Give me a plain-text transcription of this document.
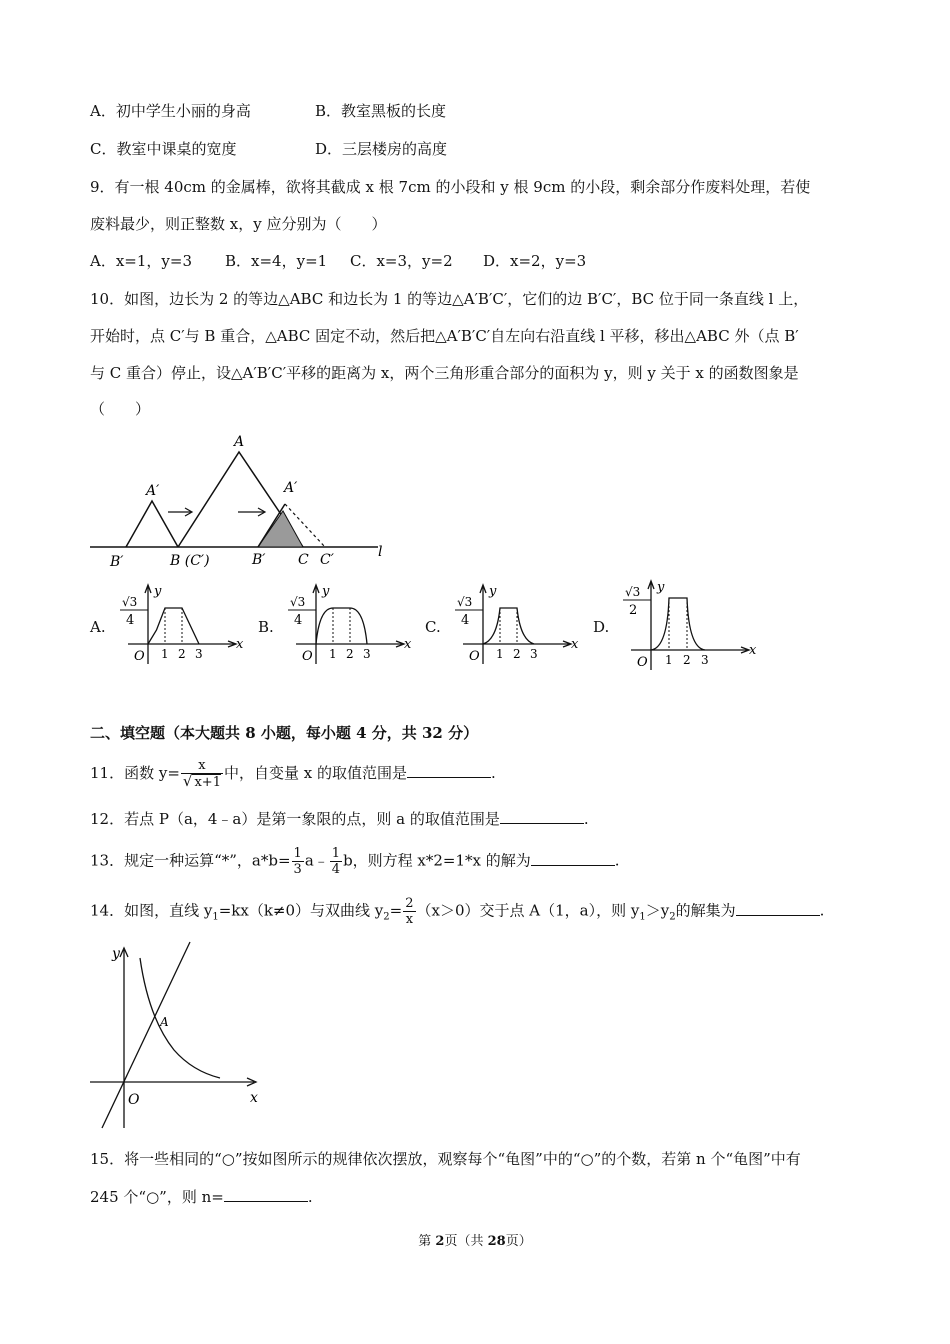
A．初中学生小丽的身高	B．教室黑板的长度
C．教室中课桌的宽度	D．三层楼房的高度
9．有一根 40cm 的金属棒，欲将其截成 x 根 7cm 的小段和 y 根 9cm 的小段，剩余部分作废料处理，若使
废料最少，则正整数 x，y 应分别为（　　）
A．x=1，y=3 B．x=4，y=1 C．x=3，y=2 D．x=2，y=3
10．如图，边长为 2 的等边△ABC 和边长为 1 的等边△A′B′C′，它们的边 B′C′，BC 位于同一条直线 l 上，
开始时，点 C′与 B 重合，△ABC 固定不动，然后把△A′B′C′自左向右沿直线 l 平移，移出△ABC 外（点 B′
与 C 重合）停止，设△A′B′C′平移的距离为 x，两个三角形重合部分的面积为 y，则 y 关于 x 的函数图象是
（　　）
A′
A
A′
B′	B (C′)	B′ C C′	l
A.
√3
4
y
x
O 1 2 3
B.
√3
4
y
x
O 1 2 3
C.
√3
4
y
x
O 1 2 3
D.
√3
2
y
x
O 1 2 3
二、填空题（本大题共 8 小题，每小题 4 分，共 32 分）
11．函数 $y= \frac{x}{√ x+1}$ 中，自变量 x 的取值范围是	.
12．若点 P（a，4﹣a）是第一象限的点，则 a 的取值范围是	.
13．规定一种运算“*”，$a*b= \frac{1}{3}$ a﹣ $\frac{1}{4}$ b，则方程 x*2=1*x 的解为	.
14．如图，直线 $y_1=kx(k\ne 0)$与双曲线 $y_2= \frac{2}{x} (x>0)$交于点 A（1，a），则 $y_1>y_2$的解集为	.
y
x
O
A
15．将一些相同的“○”按如图所示的规律依次摆放，观察每个“龟图”中的“○”的个数，若第 n 个“龟图”中有
245 个“○”，则 n=	.
第 2页（共 28页）
